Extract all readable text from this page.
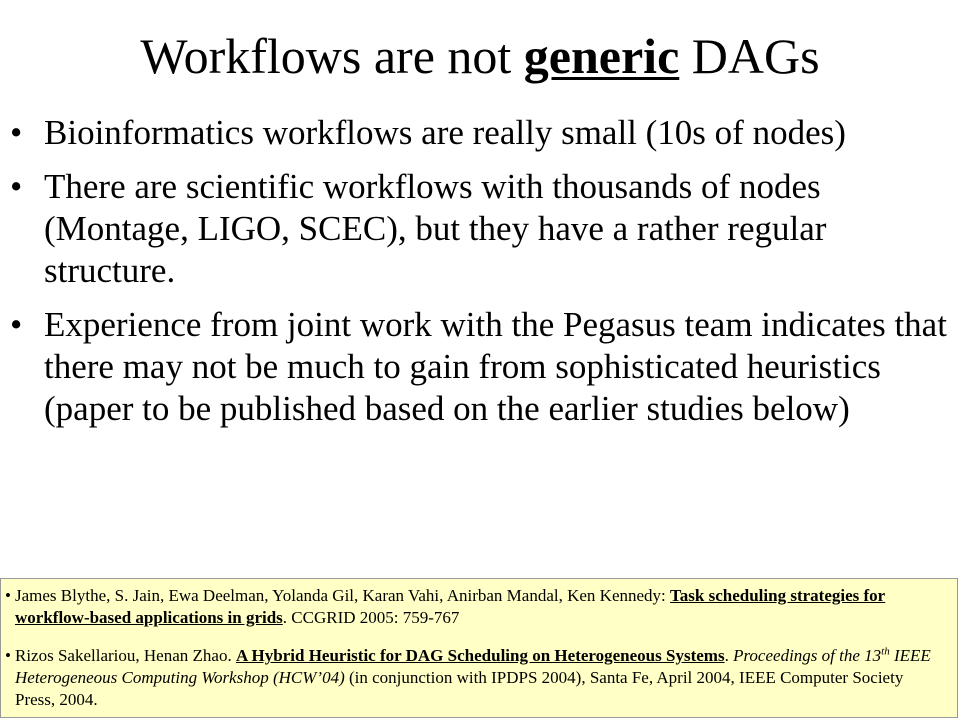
Workflows are not generic DAGs
• Bioinformatics workflows are really small (10s of nodes)
• There are scientific workflows with thousands of nodes (Montage, LIGO, SCEC), but they have a rather regular structure.
• Experience from joint work with the Pegasus team indicates that there may not be much to gain from sophisticated heuristics (paper to be published based on the earlier studies below)
• James Blythe, S. Jain, Ewa Deelman, Yolanda Gil, Karan Vahi, Anirban Mandal, Ken Kennedy: Task scheduling strategies for workflow-based applications in grids. CCGRID 2005: 759-767
• Rizos Sakellariou, Henan Zhao. A Hybrid Heuristic for DAG Scheduling on Heterogeneous Systems. Proceedings of the 13th IEEE Heterogeneous Computing Workshop (HCW’04) (in conjunction with IPDPS 2004), Santa Fe, April 2004, IEEE Computer Society Press, 2004.
